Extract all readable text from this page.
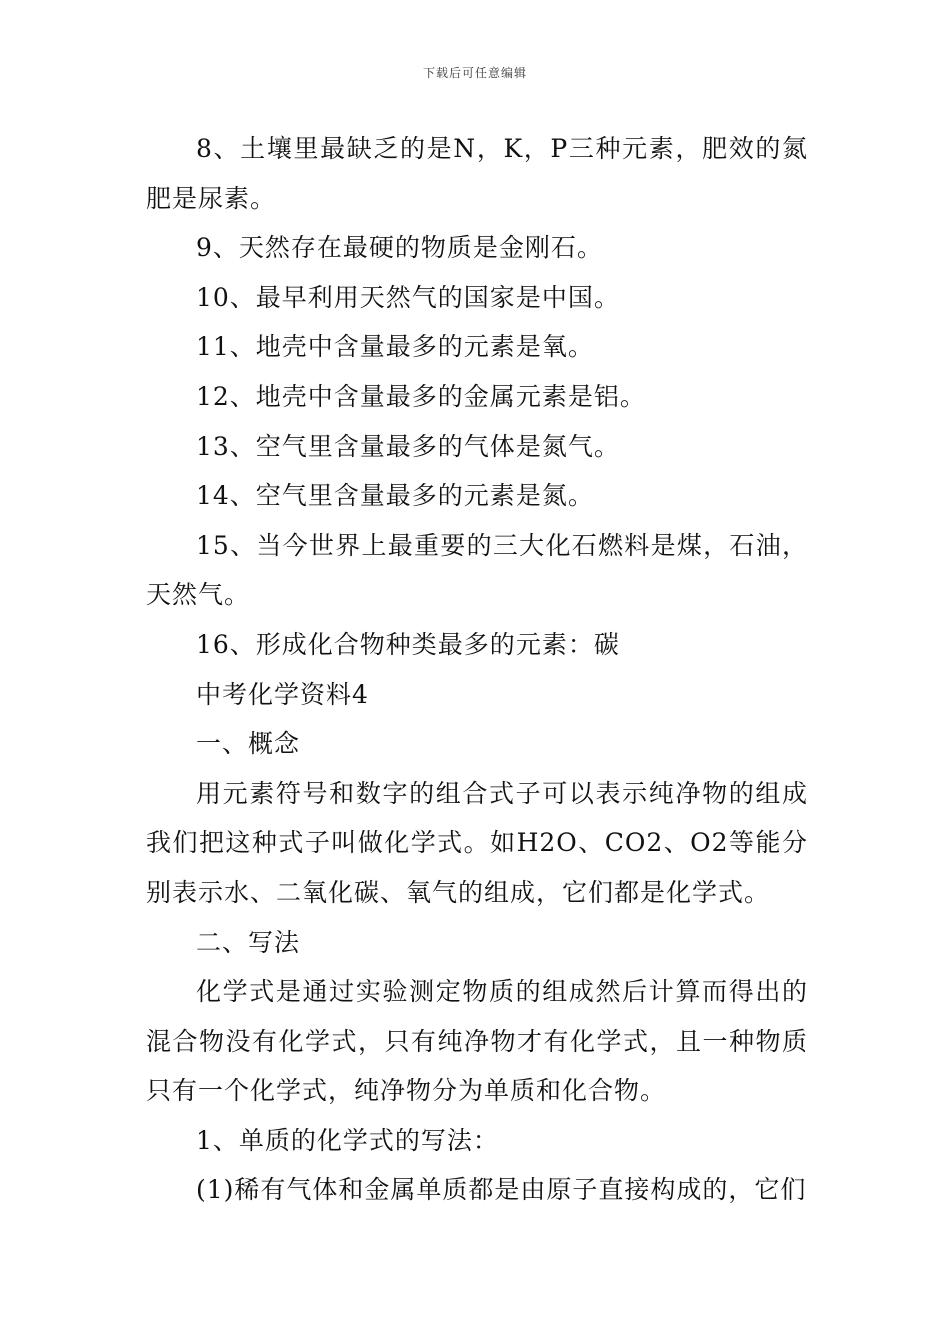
下载后可任意编辑

8、土壤里最缺乏的是N，K，P三种元素，肥效的氮肥是尿素。

9、天然存在最硬的物质是金刚石。

10、最早利用天然气的国家是中国。

11、地壳中含量最多的元素是氧。

12、地壳中含量最多的金属元素是铝。

13、空气里含量最多的气体是氮气。

14、空气里含量最多的元素是氮。

15、当今世界上最重要的三大化石燃料是煤，石油，天然气。

16、形成化合物种类最多的元素：碳

中考化学资料4

一、概念

用元素符号和数字的组合式子可以表示纯净物的组成我们把这种式子叫做化学式。如H2O、CO2、O2等能分别表示水、二氧化碳、氧气的组成，它们都是化学式。

二、写法

化学式是通过实验测定物质的组成然后计算而得出的混合物没有化学式，只有纯净物才有化学式，且一种物质只有一个化学式，纯净物分为单质和化合物。

1、单质的化学式的写法：

(1)稀有气体和金属单质都是由原子直接构成的，它们
